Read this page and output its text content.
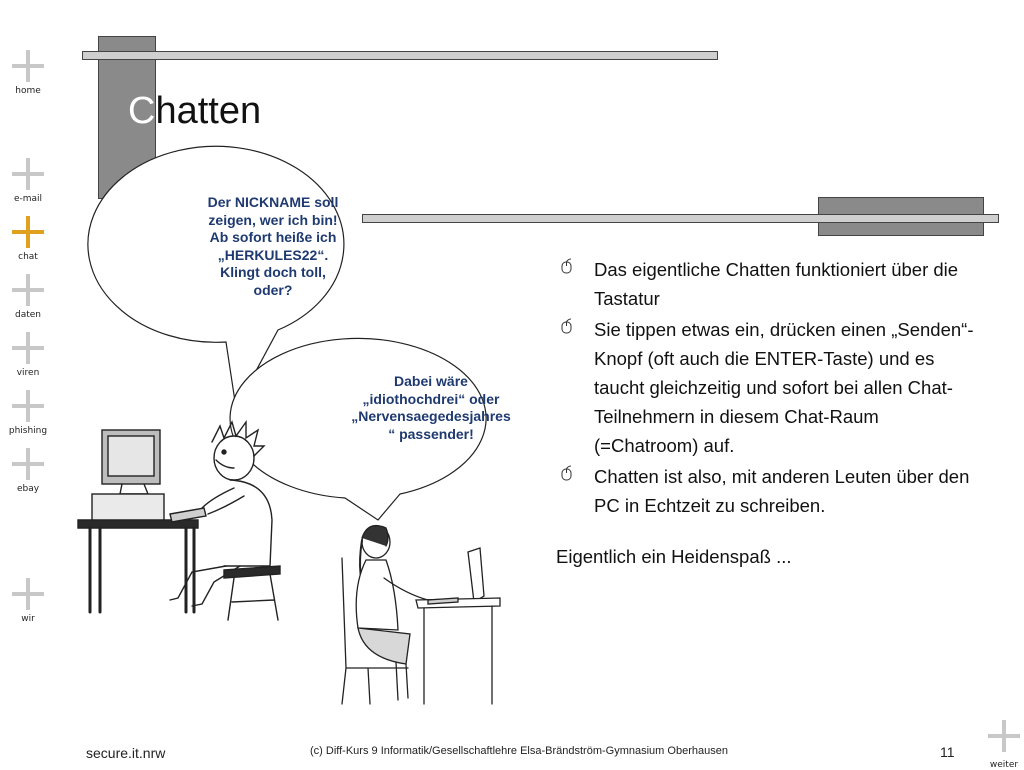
home
e-mail
chat
daten
viren
phishing
ebay
wir
Chatten
Der NICKNAME soll
zeigen, wer ich bin!
Ab sofort heiße ich
„HERKULES22“.
Klingt doch toll,
oder?
Dabei wäre
„idiothochdrei“ oder
„Nervensaegedesjahres
“ passender!
Das eigentliche Chatten funktioniert über die Tastatur
Sie tippen etwas ein, drücken einen „Senden“-Knopf (oft auch die ENTER-Taste) und es taucht gleichzeitig und sofort bei allen Chat-Teilnehmern in diesem Chat-Raum (=Chatroom) auf.
Chatten ist also, mit anderen Leuten über den PC in Echtzeit zu schreiben.
Eigentlich ein Heidenspaß ...
secure.it.nrw	(c) Diff-Kurs 9 Informatik/Gesellschaftlehre Elsa-Brändström-Gymnasium Oberhausen	11
weiter
